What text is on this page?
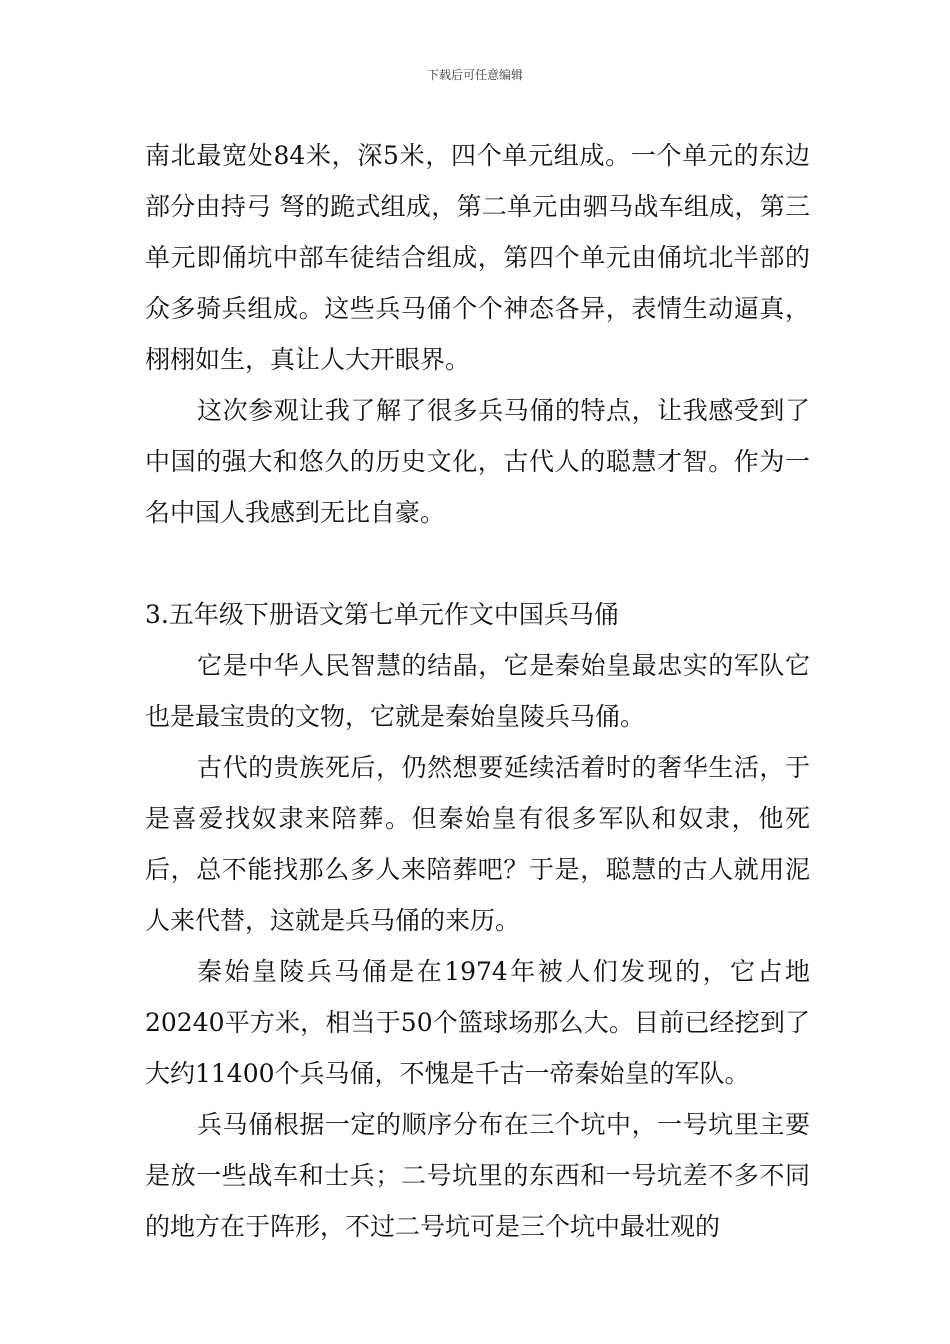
下载后可任意编辑

南北最宽处84米，深5米，四个单元组成。一个单元的东边部分由持弓 弩的跪式组成，第二单元由驷马战车组成，第三单元即俑坑中部车徒结合组成，第四个单元由俑坑北半部的众多骑兵组成。这些兵马俑个个神态各异，表情生动逼真，栩栩如生，真让人大开眼界。

这次参观让我了解了很多兵马俑的特点，让我感受到了中国的强大和悠久的历史文化，古代人的聪慧才智。作为一名中国人我感到无比自豪。

3.五年级下册语文第七单元作文中国兵马俑

它是中华人民智慧的结晶，它是秦始皇最忠实的军队它也是最宝贵的文物，它就是秦始皇陵兵马俑。

古代的贵族死后，仍然想要延续活着时的奢华生活，于是喜爱找奴隶来陪葬。但秦始皇有很多军队和奴隶，他死后，总不能找那么多人来陪葬吧？于是，聪慧的古人就用泥人来代替，这就是兵马俑的来历。

秦始皇陵兵马俑是在1974年被人们发现的，它占地20240平方米，相当于50个篮球场那么大。目前已经挖到了大约11400个兵马俑，不愧是千古一帝秦始皇的军队。

兵马俑根据一定的顺序分布在三个坑中，一号坑里主要是放一些战车和士兵；二号坑里的东西和一号坑差不多不同的地方在于阵形，不过二号坑可是三个坑中最壮观的
